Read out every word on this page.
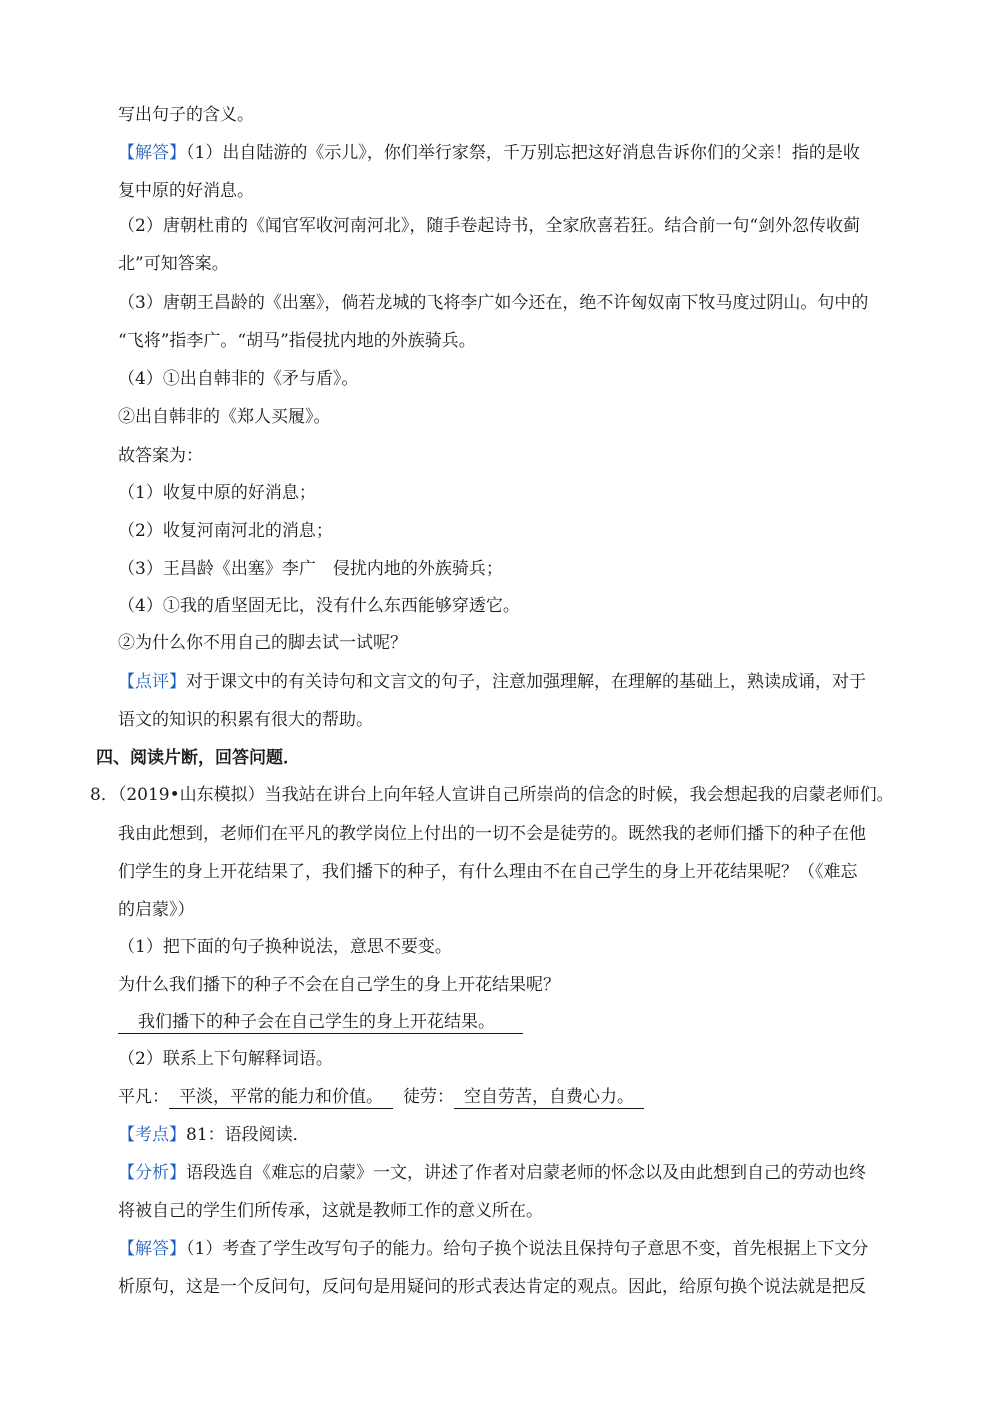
写出句子的含义。
【解答】（1）出自陆游的《示儿》，你们举行家祭，千万别忘把这好消息告诉你们的父亲！指的是收
复中原的好消息。
（2）唐朝杜甫的《闻官军收河南河北》，随手卷起诗书，全家欣喜若狂。结合前一句“剑外忽传收蓟
北”可知答案。
（3）唐朝王昌龄的《出塞》，倘若龙城的飞将李广如今还在，绝不许匈奴南下牧马度过阴山。句中的
“飞将”指李广。“胡马”指侵扰内地的外族骑兵。
（4）①出自韩非的《矛与盾》。
②出自韩非的《郑人买履》。
故答案为：
（1）收复中原的好消息；
（2）收复河南河北的消息；
（3）王昌龄《出塞》李广　侵扰内地的外族骑兵；
（4）①我的盾坚固无比，没有什么东西能够穿透它。
②为什么你不用自己的脚去试一试呢？
【点评】对于课文中的有关诗句和文言文的句子，注意加强理解，在理解的基础上，熟读成诵，对于
语文的知识的积累有很大的帮助。
四、阅读片断，回答问题．
8．（2019•山东模拟）当我站在讲台上向年轻人宣讲自己所崇尚的信念的时候，我会想起我的启蒙老师们。
我由此想到，老师们在平凡的教学岗位上付出的一切不会是徒劳的。既然我的老师们播下的种子在他
们学生的身上开花结果了，我们播下的种子，有什么理由不在自己学生的身上开花结果呢？（《难忘
的启蒙》）
（1）把下面的句子换种说法，意思不要变。
为什么我们播下的种子不会在自己学生的身上开花结果呢？
我们播下的种子会在自己学生的身上开花结果。
（2）联系上下句解释词语。
平凡： 平淡，平常的能力和价值。 徒劳： 空自劳苦，自费心力。
【考点】81：语段阅读．
【分析】语段选自《难忘的启蒙》一文，讲述了作者对启蒙老师的怀念以及由此想到自己的劳动也终
将被自己的学生们所传承，这就是教师工作的意义所在。
【解答】（1）考查了学生改写句子的能力。给句子换个说法且保持句子意思不变，首先根据上下文分
析原句，这是一个反问句，反问句是用疑问的形式表达肯定的观点。因此，给原句换个说法就是把反
